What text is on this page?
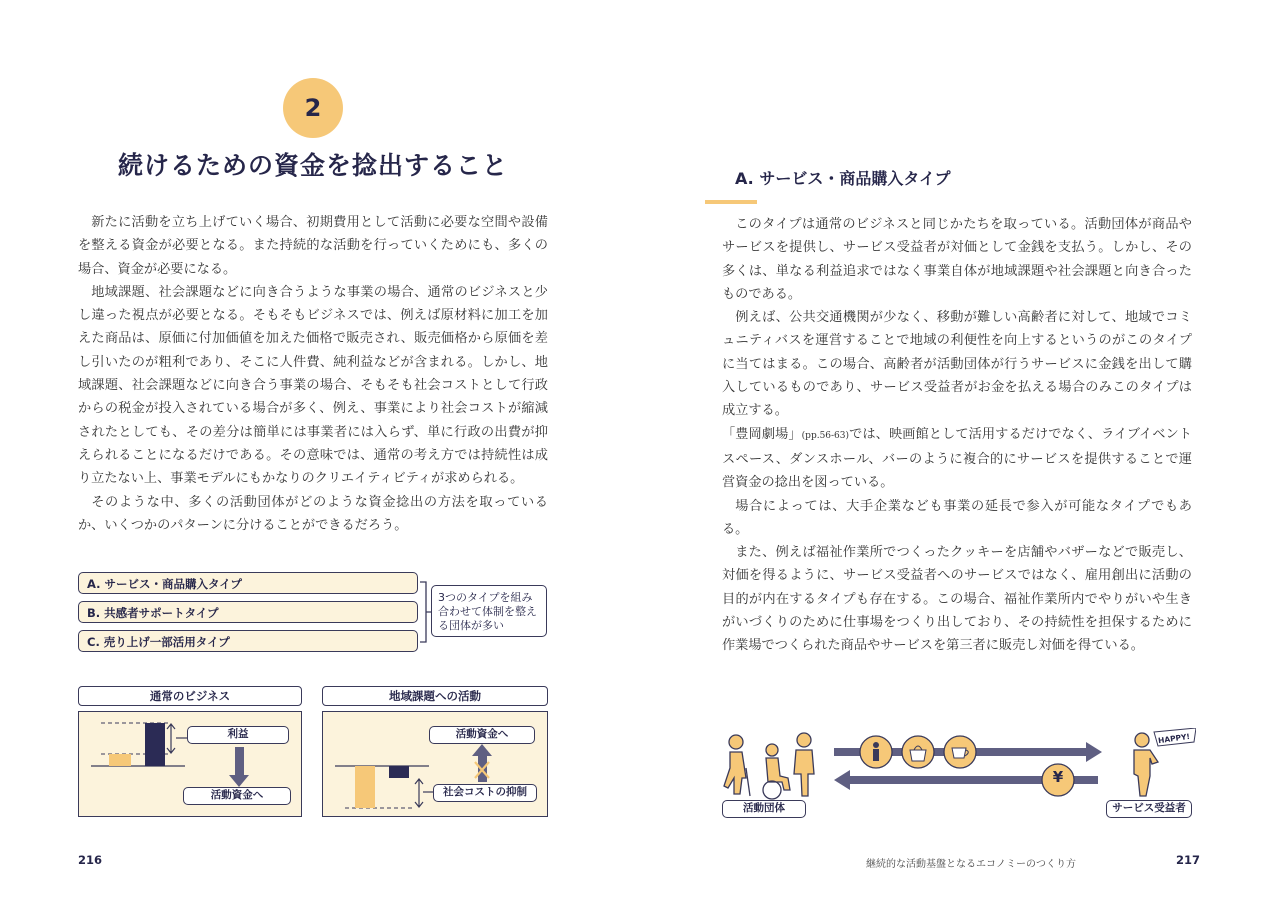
2
続けるための資金を捻出すること

新たに活動を立ち上げていく場合、初期費用として活動に必要な空間や設備を整える資金が必要となる。また持続的な活動を行っていくためにも、多くの場合、資金が必要になる。

地域課題、社会課題などに向き合うような事業の場合、通常のビジネスと少し違った視点が必要となる。そもそもビジネスでは、例えば原材料に加工を加えた商品は、原価に付加価値を加えた価格で販売され、販売価格から原価を差し引いたのが粗利であり、そこに人件費、純利益などが含まれる。しかし、地域課題、社会課題などに向き合う事業の場合、そもそも社会コストとして行政からの税金が投入されている場合が多く、例え、事業により社会コストが縮減されたとしても、その差分は簡単には事業者には入らず、単に行政の出費が抑えられることになるだけである。その意味では、通常の考え方では持続性は成り立たない上、事業モデルにもかなりのクリエイティビティが求められる。

そのような中、多くの活動団体がどのような資金捻出の方法を取っているか、いくつかのパターンに分けることができるだろう。

A. サービス・商品購入タイプ
B. 共感者サポートタイプ
C. 売り上げ一部活用タイプ
3つのタイプを組み合わせて体制を整える団体が多い
通常のビジネス
利益
活動資金へ
地域課題への活動
活動資金へ
社会コストの抑制
216
A. サービス・商品購入タイプ

このタイプは通常のビジネスと同じかたちを取っている。活動団体が商品やサービスを提供し、サービス受益者が対価として金銭を支払う。しかし、その多くは、単なる利益追求ではなく事業自体が地域課題や社会課題と向き合ったものである。

例えば、公共交通機関が少なく、移動が難しい高齢者に対して、地域でコミュニティバスを運営することで地域の利便性を向上するというのがこのタイプに当てはまる。この場合、高齢者が活動団体が行うサービスに金銭を出して購入しているものであり、サービス受益者がお金を払える場合のみこのタイプは成立する。

「豊岡劇場」(pp.56-63)では、映画館として活用するだけでなく、ライブイベントスペース、ダンスホール、バーのように複合的にサービスを提供することで運営資金の捻出を図っている。

場合によっては、大手企業なども事業の延長で参入が可能なタイプでもある。

また、例えば福祉作業所でつくったクッキーを店舗やバザーなどで販売し、対価を得るように、サービス受益者へのサービスではなく、雇用創出に活動の目的が内在するタイプも存在する。この場合、福祉作業所内でやりがいや生きがいづくりのために仕事場をつくり出しており、その持続性を担保するために作業場でつくられた商品やサービスを第三者に販売し対価を得ている。

¥
HAPPY!
活動団体	サービス受益者
継続的な活動基盤となるエコノミーのつくり方	217
